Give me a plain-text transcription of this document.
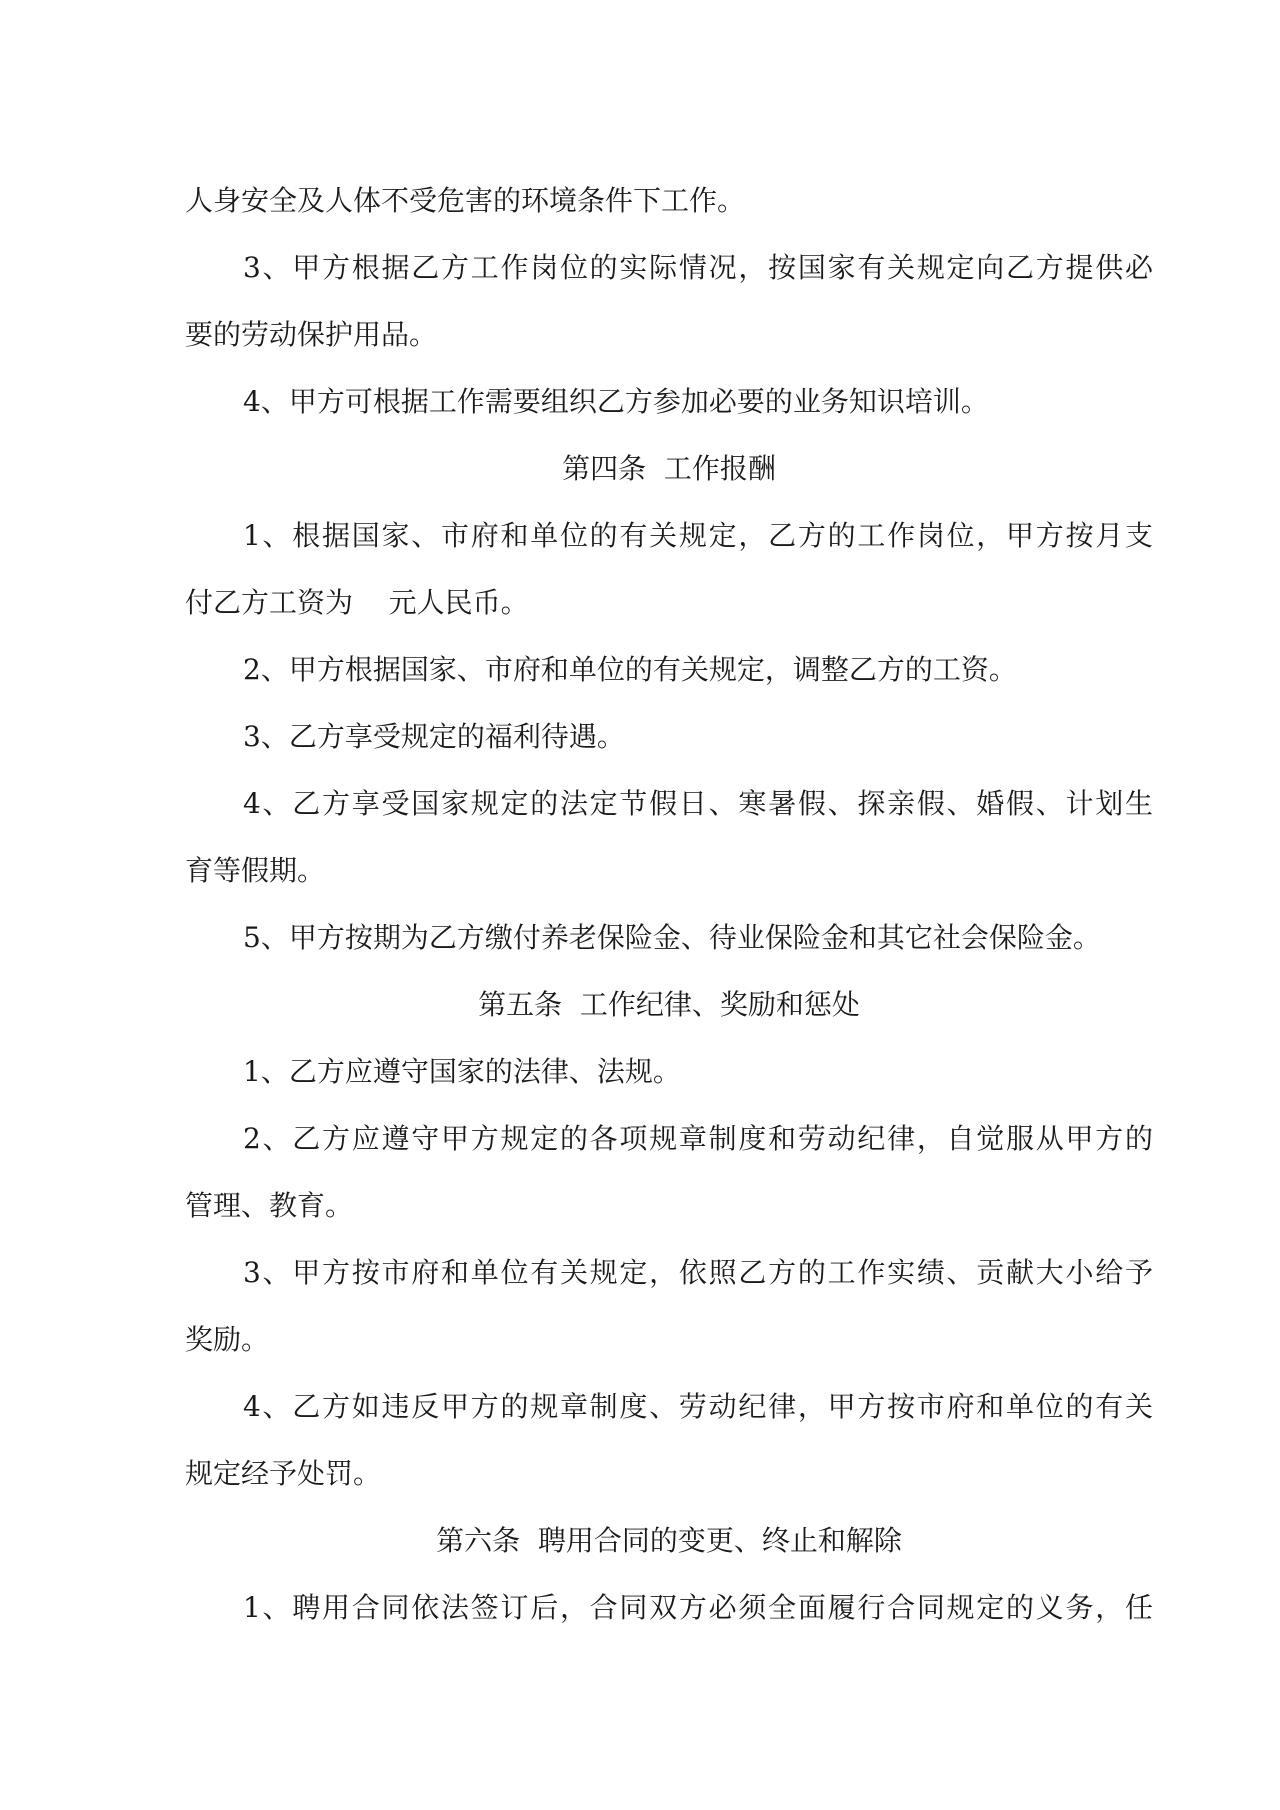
人身安全及人体不受危害的环境条件下工作。

3、甲方根据乙方工作岗位的实际情况，按国家有关规定向乙方提供必

要的劳动保护用品。

4、甲方可根据工作需要组织乙方参加必要的业务知识培训。

第四条  工作报酬

1、根据国家、市府和单位的有关规定，乙方的工作岗位，甲方按月支

付乙方工资为    元人民币。

2、甲方根据国家、市府和单位的有关规定，调整乙方的工资。

3、乙方享受规定的福利待遇。

4、乙方享受国家规定的法定节假日、寒暑假、探亲假、婚假、计划生

育等假期。

5、甲方按期为乙方缴付养老保险金、待业保险金和其它社会保险金。

第五条  工作纪律、奖励和惩处

1、乙方应遵守国家的法律、法规。

2、乙方应遵守甲方规定的各项规章制度和劳动纪律，自觉服从甲方的

管理、教育。

3、甲方按市府和单位有关规定，依照乙方的工作实绩、贡献大小给予

奖励。

4、乙方如违反甲方的规章制度、劳动纪律，甲方按市府和单位的有关

规定经予处罚。

第六条  聘用合同的变更、终止和解除

1、聘用合同依法签订后，合同双方必须全面履行合同规定的义务，任
